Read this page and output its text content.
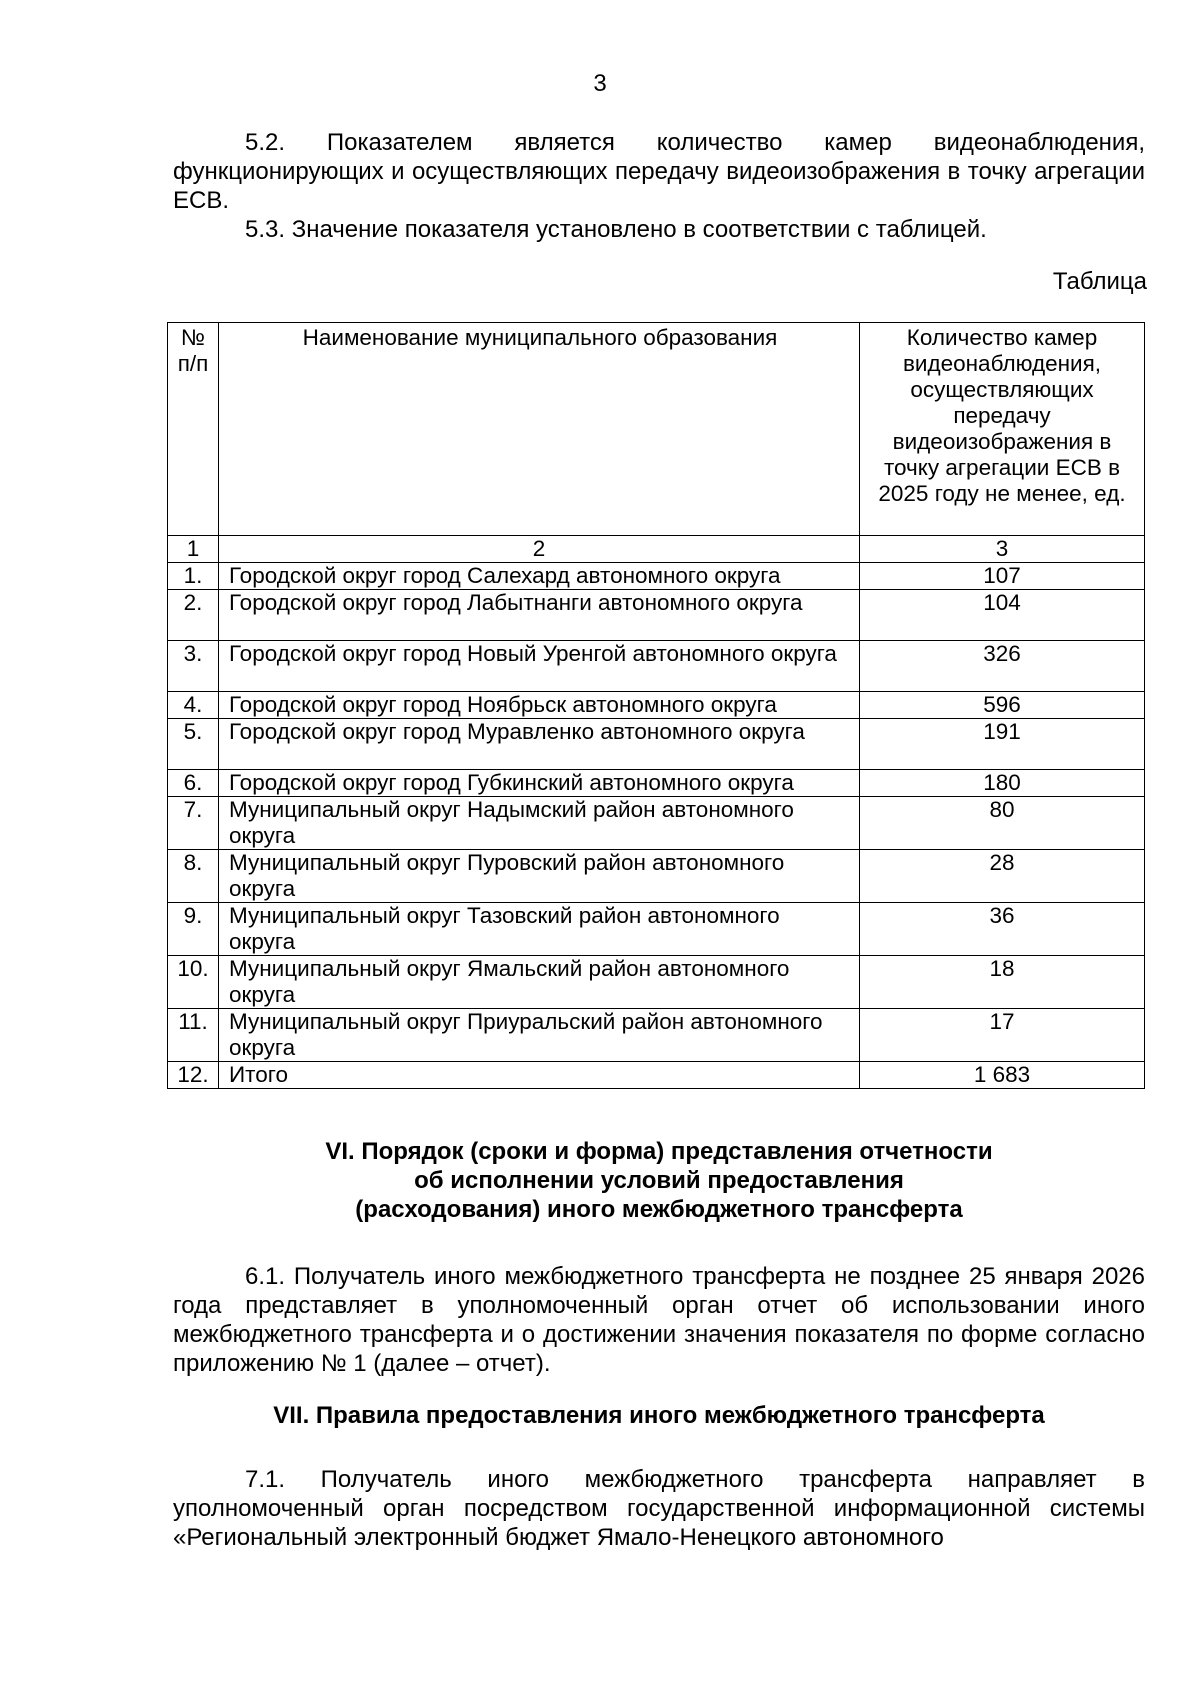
3

5.2. Показателем является количество камер видеонаблюдения, функционирующих и осуществляющих передачу видеоизображения в точку агрегации ЕСВ.

5.3. Значение показателя установлено в соответствии с таблицей.

Таблица
№ п/п	Наименование муниципального образования	Количество камер видеонаблюдения, осуществляющих передачу видеоизображения в точку агрегации ЕСВ в 2025 году не менее, ед.
1	2	3
1.	Городской округ город Салехард автономного округа	107
2.	Городской округ город Лабытнанги автономного округа	104
3.	Городской округ город Новый Уренгой автономного округа	326
4.	Городской округ город Ноябрьск автономного округа	596
5.	Городской округ город Муравленко автономного округа	191
6.	Городской округ город Губкинский автономного округа	180
7.	Муниципальный округ Надымский район автономного округа	80
8.	Муниципальный округ Пуровский район автономного округа	28
9.	Муниципальный округ Тазовский район автономного округа	36
10.	Муниципальный округ Ямальский район автономного округа	18
11.	Муниципальный округ Приуральский район автономного округа	17
12.	Итого	1 683

VI. Порядок (сроки и форма) представления отчетности об исполнении условий предоставления (расходования) иного межбюджетного трансферта

6.1. Получатель иного межбюджетного трансферта не позднее 25 января 2026 года представляет в уполномоченный орган отчет об использовании иного межбюджетного трансферта и о достижении значения показателя по форме согласно приложению № 1 (далее – отчет).

VII. Правила предоставления иного межбюджетного трансферта

7.1. Получатель иного межбюджетного трансферта направляет в уполномоченный орган посредством государственной информационной системы «Региональный электронный бюджет Ямало-Ненецкого автономного
